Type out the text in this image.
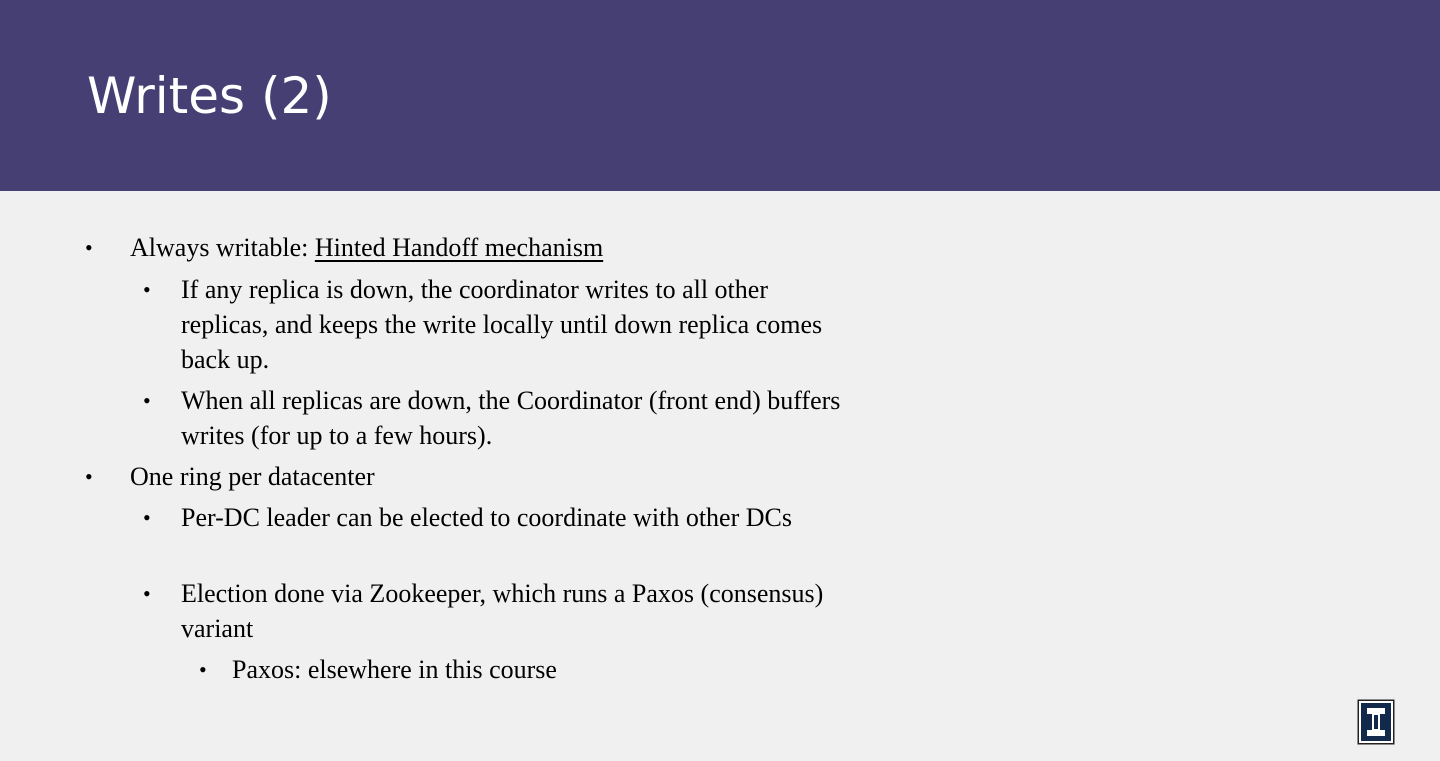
Writes (2)
• Always writable: Hinted Handoff mechanism
• If any replica is down, the coordinator writes to all other replicas, and keeps the write locally until down replica comes back up.
• When all replicas are down, the Coordinator (front end) buffers writes (for up to a few hours).
• One ring per datacenter
• Per-DC leader can be elected to coordinate with other DCs
• Election done via Zookeeper, which runs a Paxos (consensus) variant
• Paxos: elsewhere in this course
